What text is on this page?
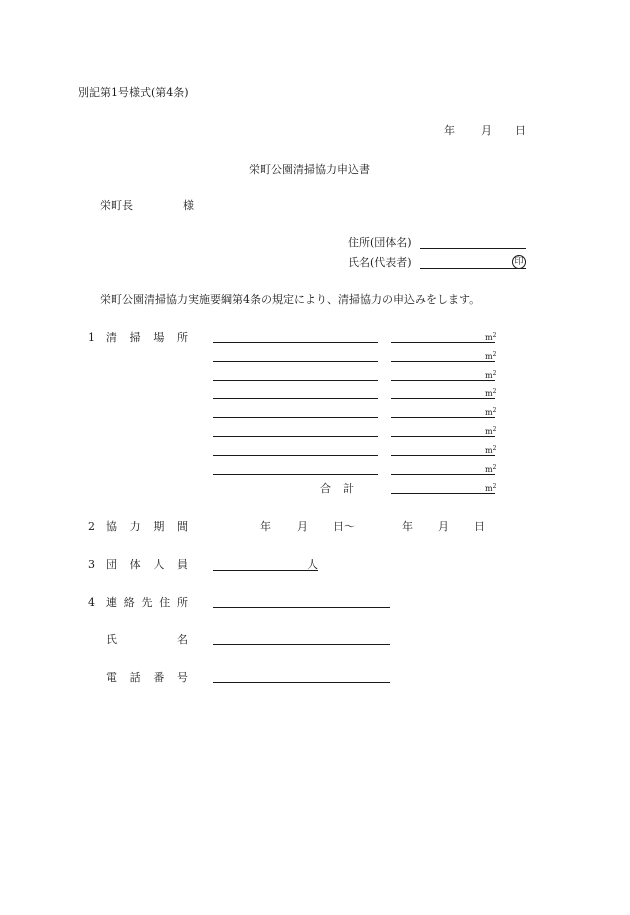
別記第1号様式(第4条)
年 月 日
栄町公園清掃協力申込書
栄町長	様
住所(団体名)
氏名(代表者)	印
栄町公園清掃協力実施要綱第4条の規定により、清掃協力の申込みをします。
1 清掃場所	$m^2$
$m^2$
$m^2$
$m^2$
$m^2$
$m^2$
$m^2$
$m^2$
合計	$m^2$
2 協力期間	年 月 日〜	年 月 日
3 団体人員	人
4 連絡先住所
氏名
電話番号
